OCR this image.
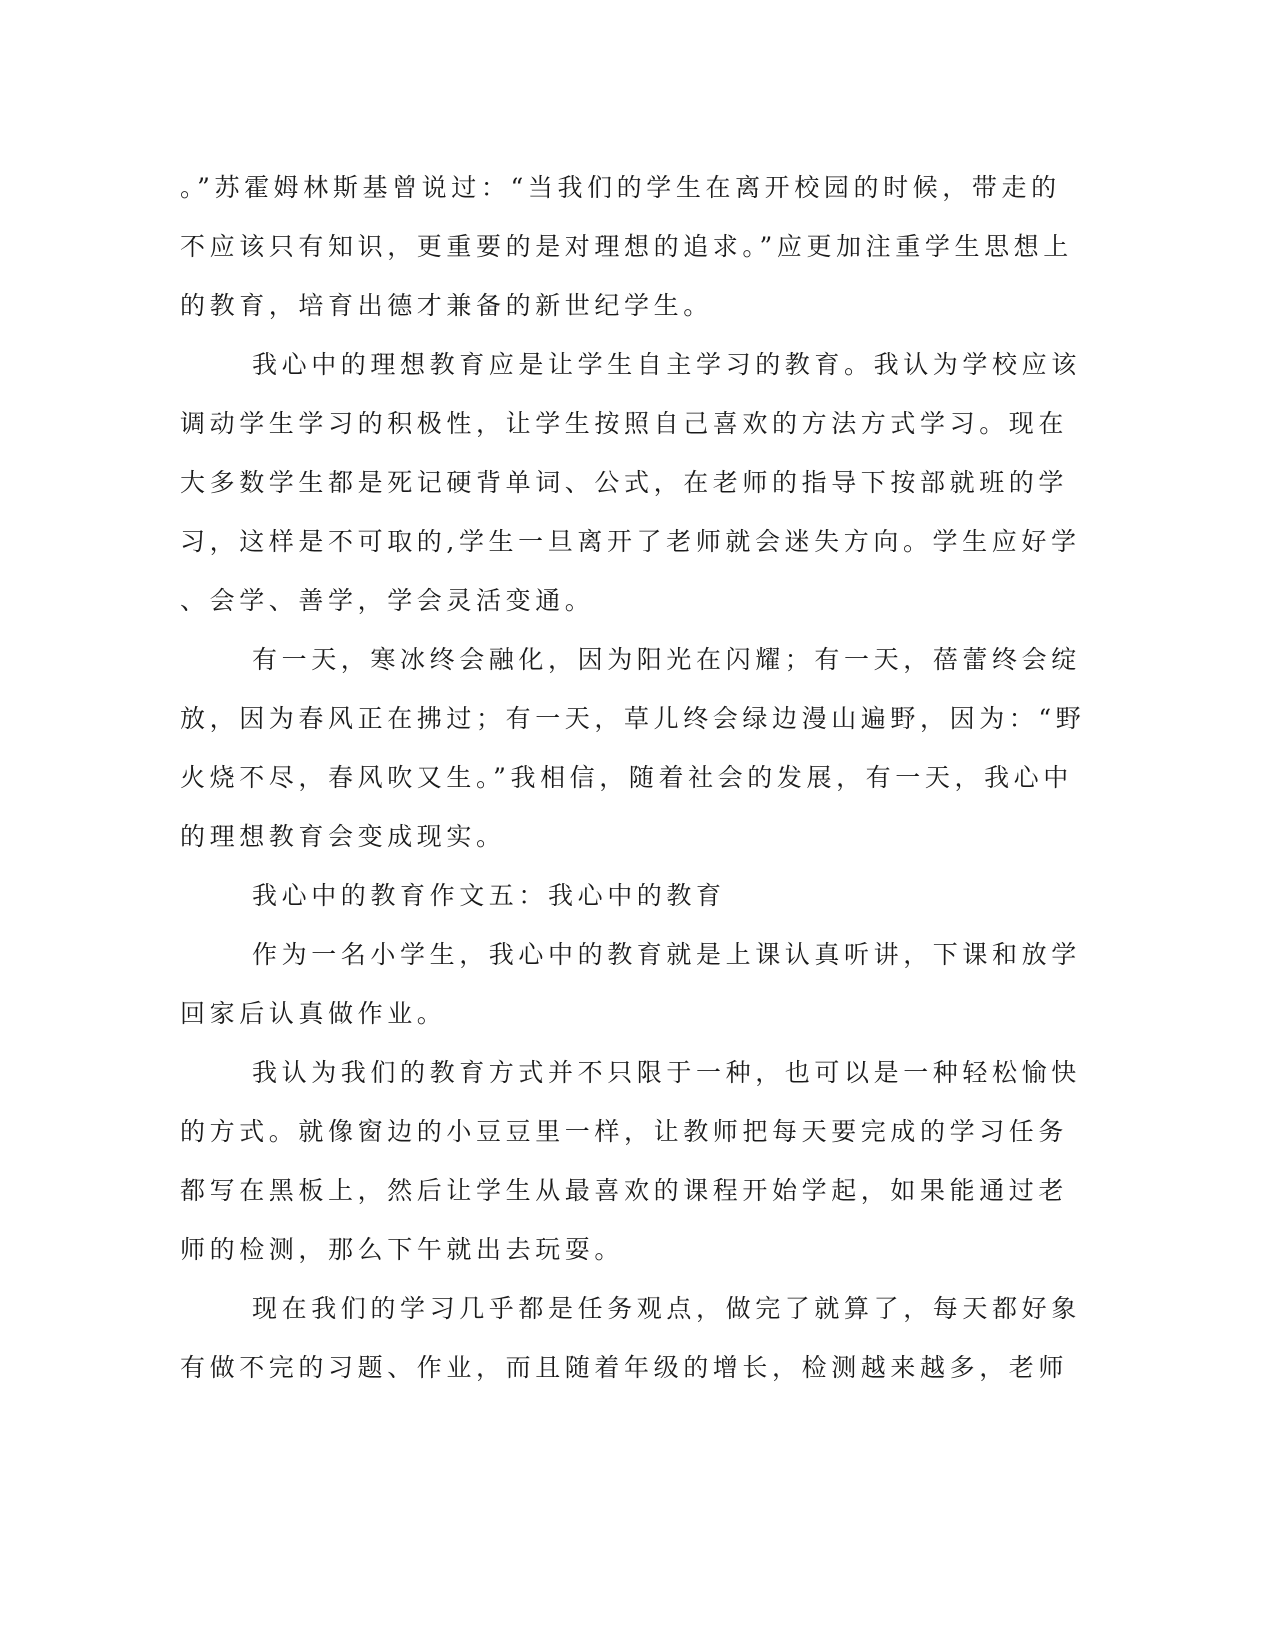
。”苏霍姆林斯基曾说过：“当我们的学生在离开校园的时候，带走的
不应该只有知识，更重要的是对理想的追求。”应更加注重学生思想上
的教育，培育出德才兼备的新世纪学生。
我心中的理想教育应是让学生自主学习的教育。我认为学校应该
调动学生学习的积极性，让学生按照自己喜欢的方法方式学习。现在
大多数学生都是死记硬背单词、公式，在老师的指导下按部就班的学
习，这样是不可取的,学生一旦离开了老师就会迷失方向。学生应好学
、会学、善学，学会灵活变通。
有一天，寒冰终会融化，因为阳光在闪耀；有一天，蓓蕾终会绽
放，因为春风正在拂过；有一天，草儿终会绿边漫山遍野，因为：“野
火烧不尽，春风吹又生。”我相信，随着社会的发展，有一天，我心中
的理想教育会变成现实。
我心中的教育作文五：我心中的教育
作为一名小学生，我心中的教育就是上课认真听讲，下课和放学
回家后认真做作业。
我认为我们的教育方式并不只限于一种，也可以是一种轻松愉快
的方式。就像窗边的小豆豆里一样，让教师把每天要完成的学习任务
都写在黑板上，然后让学生从最喜欢的课程开始学起，如果能通过老
师的检测，那么下午就出去玩耍。
现在我们的学习几乎都是任务观点，做完了就算了，每天都好象
有做不完的习题、作业，而且随着年级的增长，检测越来越多，老师
